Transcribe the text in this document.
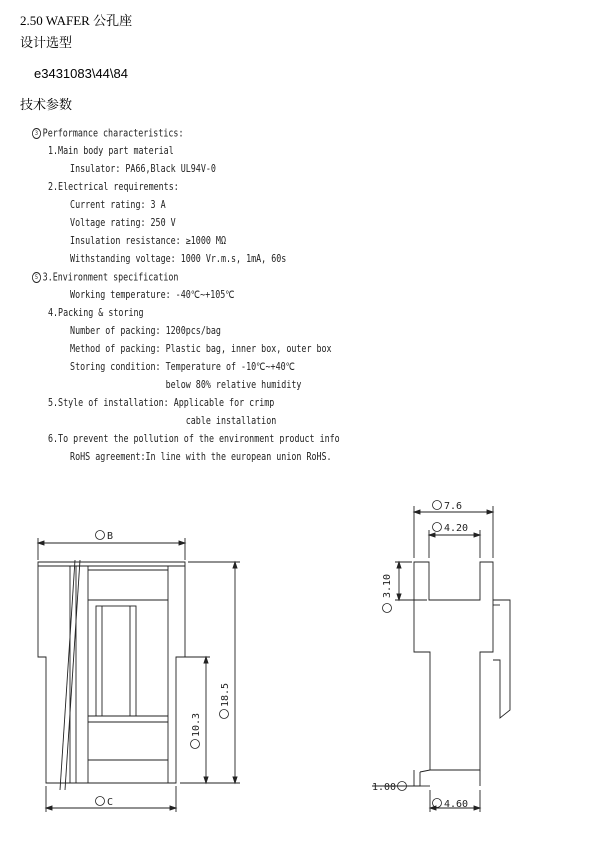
2.50 WAFER 公孔座
设计选型
e3431083\44\84
技术参数
3 Performance characteristics:
1.Main body part material
Insulator: PA66,Black UL94V-0
2.Electrical requirements:
Current rating: 3 A
Voltage rating: 250 V
Insulation resistance: ≥1000 MΩ
Withstanding voltage: 1000 Vr.m.s, 1mA, 60s
5 3.Environment specification
Working temperature: -40℃~+105℃
4.Packing & storing
Number of packing: 1200pcs/bag
Method of packing: Plastic bag, inner box, outer box
Storing condition: Temperature of -10℃~+40℃
below 80% relative humidity
5.Style of installation: Applicable for crimp
cable installation
6.To prevent the pollution of the environment product info
RoHS agreement:In line with the european union RoHS.
B
C
18.5
10.3
7.6
4.20
3.10
1.00
4.60
